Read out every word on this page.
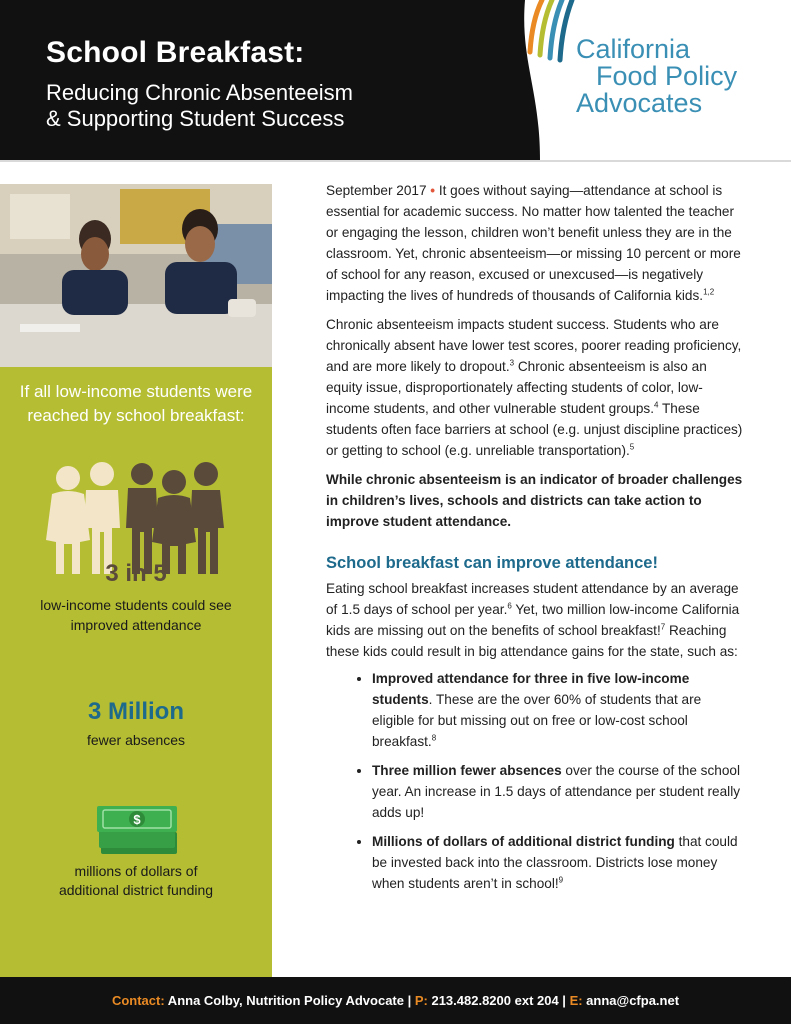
School Breakfast:
Reducing Chronic Absenteeism
& Supporting Student Success
California
Food Policy
Advocates
If all low-income students were
reached by school breakfast:
3 in 5
low-income students could see
improved attendance
3 Million
fewer absences
$
millions of dollars of
additional district funding

September 2017 • It goes without saying—attendance at school is essential for academic success. No matter how talented the teacher or engaging the lesson, children won’t benefit unless they are in the classroom. Yet, chronic absenteeism—or missing 10 percent or more of school for any reason, excused or unexcused—is negatively impacting the lives of hundreds of thousands of California kids.$^{1,2}$

Chronic absenteeism impacts student success. Students who are chronically absent have lower test scores, poorer reading proficiency, and are more likely to dropout.$^3$ Chronic absenteeism is also an equity issue, disproportionately affecting students of color, low-income students, and other vulnerable student groups.$^4$ These students often face barriers at school (e.g. unjust discipline practices) or getting to school (e.g. unreliable transportation).$^5$

While chronic absenteeism is an indicator of broader challenges in children’s lives, schools and districts can take action to improve student attendance.

School breakfast can improve attendance!

Eating school breakfast increases student attendance by an average of 1.5 days of school per year.$^6$ Yet, two million low-income California kids are missing out on the benefits of school breakfast!$^7$ Reaching these kids could result in big attendance gains for the state, such as:

• Improved attendance for three in five low-income students. These are the over 60% of students that are eligible for but missing out on free or low-cost school breakfast.$^8$
• Three million fewer absences over the course of the school year. An increase in 1.5 days of attendance per student really adds up!
• Millions of dollars of additional district funding that could be invested back into the classroom. Districts lose money when students aren’t in school!$^9$
Contact: Anna Colby, Nutrition Policy Advocate | P: 213.482.8200 ext 204 | E: anna@cfpa.net
